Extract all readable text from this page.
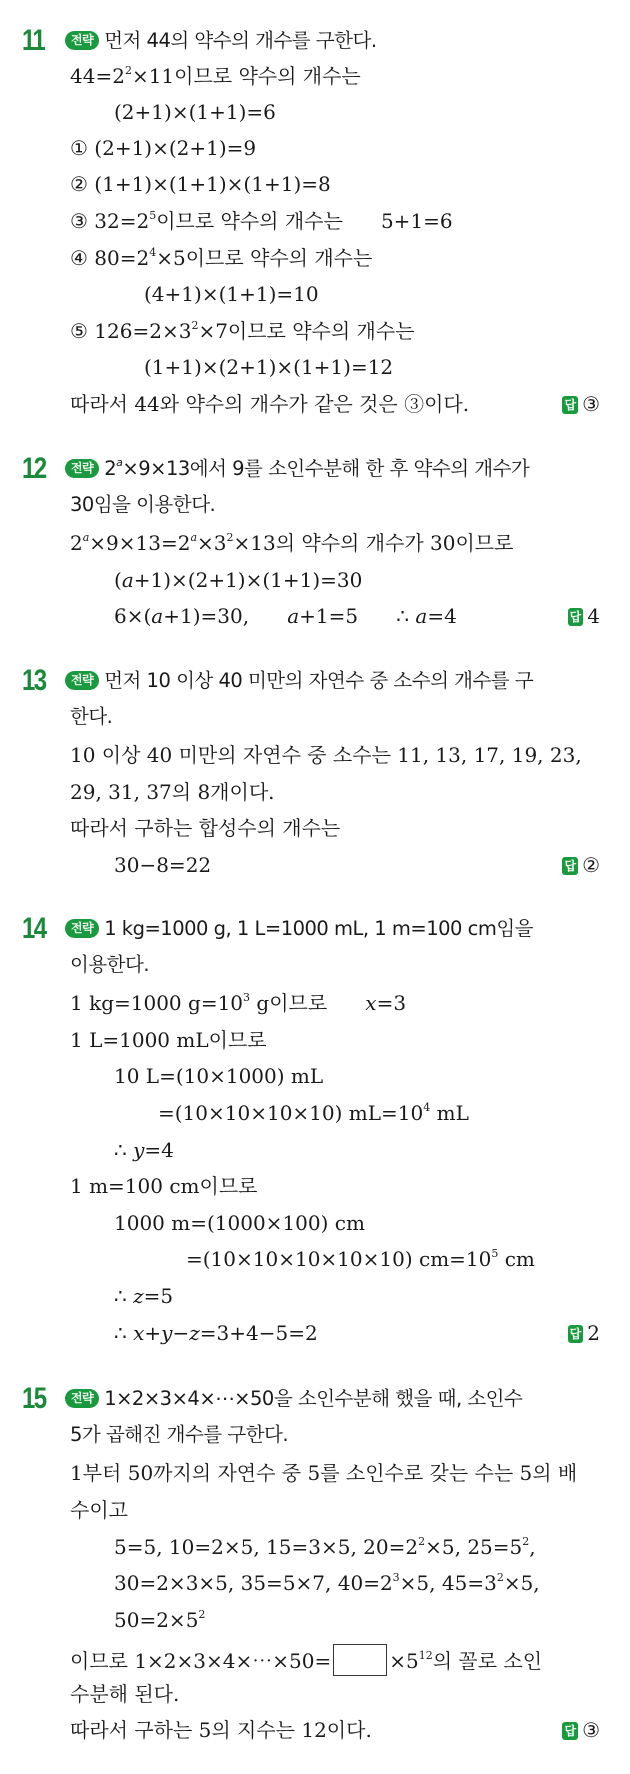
11	전략 먼저 44의 약수의 개수를 구한다.
$44=2^2\times 11$이므로 약수의 개수는
(2+1)×(1+1)=6
① (2+1)×(2+1)=9
② (1+1)×(1+1)×(1+1)=8
③ $32=2^5$이므로 약수의 개수는      5+1=6
④ $80=2^4\times 5$이므로 약수의 개수는
(4+1)×(1+1)=10
⑤ $126=2\times 3^2\times 7$이므로 약수의 개수는
(1+1)×(2+1)×(1+1)=12
따라서 44와 약수의 개수가 같은 것은 ③이다.	답 ③
12	전략 $2^a\times 9\times 13$에서 9를 소인수분해 한 후 약수의 개수가
30임을 이용한다.
$2^a\times 9\times 13=2^a\times 3^2\times 13$의 약수의 개수가 30이므로
(a+1)×(2+1)×(1+1)=30
6×(a+1)=30,      a+1=5      ∴ a=4	답 4
13	전략 먼저 10 이상 40 미만의 자연수 중 소수의 개수를 구
한다.
10 이상 40 미만의 자연수 중 소수는 11, 13, 17, 19, 23,
29, 31, 37의 8개이다.
따라서 구하는 합성수의 개수는
30−8=22	답 ②
14	전략 1 kg=1000 g, 1 L=1000 mL, 1 m=100 cm임을
이용한다.
1 kg=1000 $g=10^3$ g이므로      x=3
1 L=1000 mL이므로
10 L=(10×1000) mL
=(10×10×10×10) $mL=10^4$ mL
∴ y=4
1 m=100 cm이므로
1000 m=(1000×100) cm
=(10×10×10×10×10) $cm=10^5$ cm
∴ z=5
∴ x+y−z=3+4−5=2	답 2
15	전략 1×2×3×4×⋯×50을 소인수분해 했을 때, 소인수
5가 곱해진 개수를 구한다.
1부터 50까지의 자연수 중 5를 소인수로 갖는 수는 5의 배
수이고
5=5, 10=2×5, 15=3×5, $20=2^2\times 5$, $25=5^2$,
30=2×3×5, 35=5×7, $40=2^3\times 5$, $45=3^2\times 5$,
$50=2\times 5^2$
이므로 1×2×3×4×⋯×50=	$\times 5^{12}$의 꼴로 소인
수분해 된다.
따라서 구하는 5의 지수는 12이다.	답 ③
